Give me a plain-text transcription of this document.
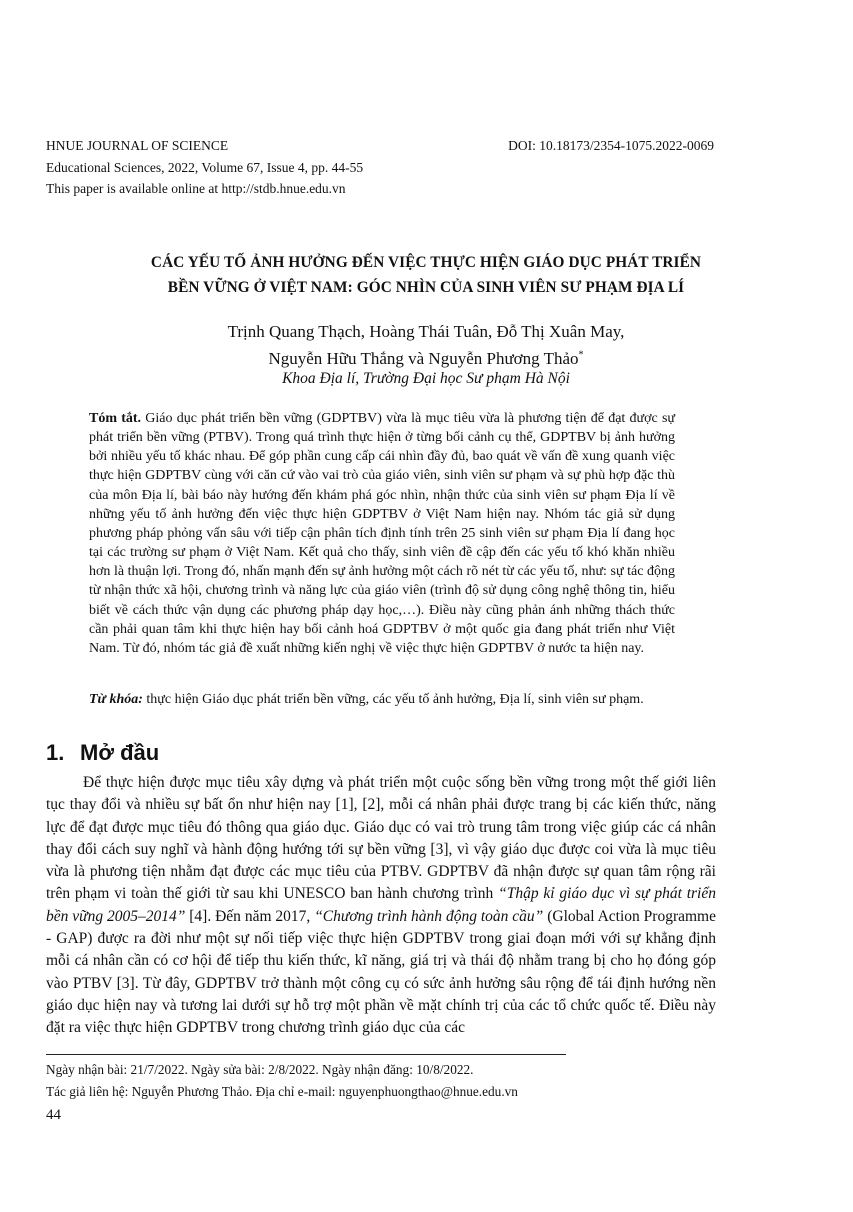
HNUE JOURNAL OF SCIENCE	DOI: 10.18173/2354-1075.2022-0069
Educational Sciences, 2022, Volume 67, Issue 4, pp. 44-55
This paper is available online at http://stdb.hnue.edu.vn
CÁC YẾU TỐ ẢNH HƯỞNG ĐẾN VIỆC THỰC HIỆN GIÁO DỤC PHÁT TRIỂN
BỀN VỮNG Ở VIỆT NAM: GÓC NHÌN CỦA SINH VIÊN SƯ PHẠM ĐỊA LÍ
Trịnh Quang Thạch, Hoàng Thái Tuân, Đỗ Thị Xuân May,
Nguyễn Hữu Thắng và Nguyễn Phương Thảo*
Khoa Địa lí, Trường Đại học Sư phạm Hà Nội
Tóm tắt. Giáo dục phát triển bền vững (GDPTBV) vừa là mục tiêu vừa là phương tiện để đạt được sự phát triển bền vững (PTBV). Trong quá trình thực hiện ở từng bối cảnh cụ thể, GDPTBV bị ảnh hưởng bởi nhiều yếu tố khác nhau. Để góp phần cung cấp cái nhìn đầy đủ, bao quát về vấn đề xung quanh việc thực hiện GDPTBV cùng với căn cứ vào vai trò của giáo viên, sinh viên sư phạm và sự phù hợp đặc thù của môn Địa lí, bài báo này hướng đến khám phá góc nhìn, nhận thức của sinh viên sư phạm Địa lí về những yếu tố ảnh hưởng đến việc thực hiện GDPTBV ở Việt Nam hiện nay. Nhóm tác giả sử dụng phương pháp phỏng vấn sâu với tiếp cận phân tích định tính trên 25 sinh viên sư phạm Địa lí đang học tại các trường sư phạm ở Việt Nam. Kết quả cho thấy, sinh viên đề cập đến các yếu tố khó khăn nhiều hơn là thuận lợi. Trong đó, nhấn mạnh đến sự ảnh hưởng một cách rõ nét từ các yếu tố, như: sự tác động từ nhận thức xã hội, chương trình và năng lực của giáo viên (trình độ sử dụng công nghệ thông tin, hiểu biết về cách thức vận dụng các phương pháp dạy học,…). Điều này cũng phản ánh những thách thức cần phải quan tâm khi thực hiện hay bối cảnh hoá GDPTBV ở một quốc gia đang phát triển như Việt Nam. Từ đó, nhóm tác giả đề xuất những kiến nghị về việc thực hiện GDPTBV ở nước ta hiện nay.
Từ khóa: thực hiện Giáo dục phát triển bền vững, các yếu tố ảnh hưởng, Địa lí, sinh viên sư phạm.
1. Mở đầu

Để thực hiện được mục tiêu xây dựng và phát triển một cuộc sống bền vững trong một thế giới liên tục thay đổi và nhiều sự bất ổn như hiện nay [1], [2], mỗi cá nhân phải được trang bị các kiến thức, năng lực để đạt được mục tiêu đó thông qua giáo dục. Giáo dục có vai trò trung tâm trong việc giúp các cá nhân thay đổi cách suy nghĩ và hành động hướng tới sự bền vững [3], vì vậy giáo dục được coi vừa là mục tiêu vừa là phương tiện nhằm đạt được các mục tiêu của PTBV. GDPTBV đã nhận được sự quan tâm rộng rãi trên phạm vi toàn thế giới từ sau khi UNESCO ban hành chương trình “Thập kỉ giáo dục vì sự phát triển bền vững 2005–2014” [4]. Đến năm 2017, “Chương trình hành động toàn cầu” (Global Action Programme - GAP) được ra đời như một sự nối tiếp việc thực hiện GDPTBV trong giai đoạn mới với sự khẳng định mỗi cá nhân cần có cơ hội để tiếp thu kiến thức, kĩ năng, giá trị và thái độ nhằm trang bị cho họ đóng góp vào PTBV [3]. Từ đây, GDPTBV trở thành một công cụ có sức ảnh hưởng sâu rộng để tái định hướng nền giáo dục hiện nay và tương lai dưới sự hỗ trợ một phần về mặt chính trị của các tổ chức quốc tế. Điều này đặt ra việc thực hiện GDPTBV trong chương trình giáo dục của các

Ngày nhận bài: 21/7/2022. Ngày sửa bài: 2/8/2022. Ngày nhận đăng: 10/8/2022.
Tác giả liên hệ: Nguyễn Phương Thảo. Địa chỉ e-mail: nguyenphuongthao@hnue.edu.vn
44
